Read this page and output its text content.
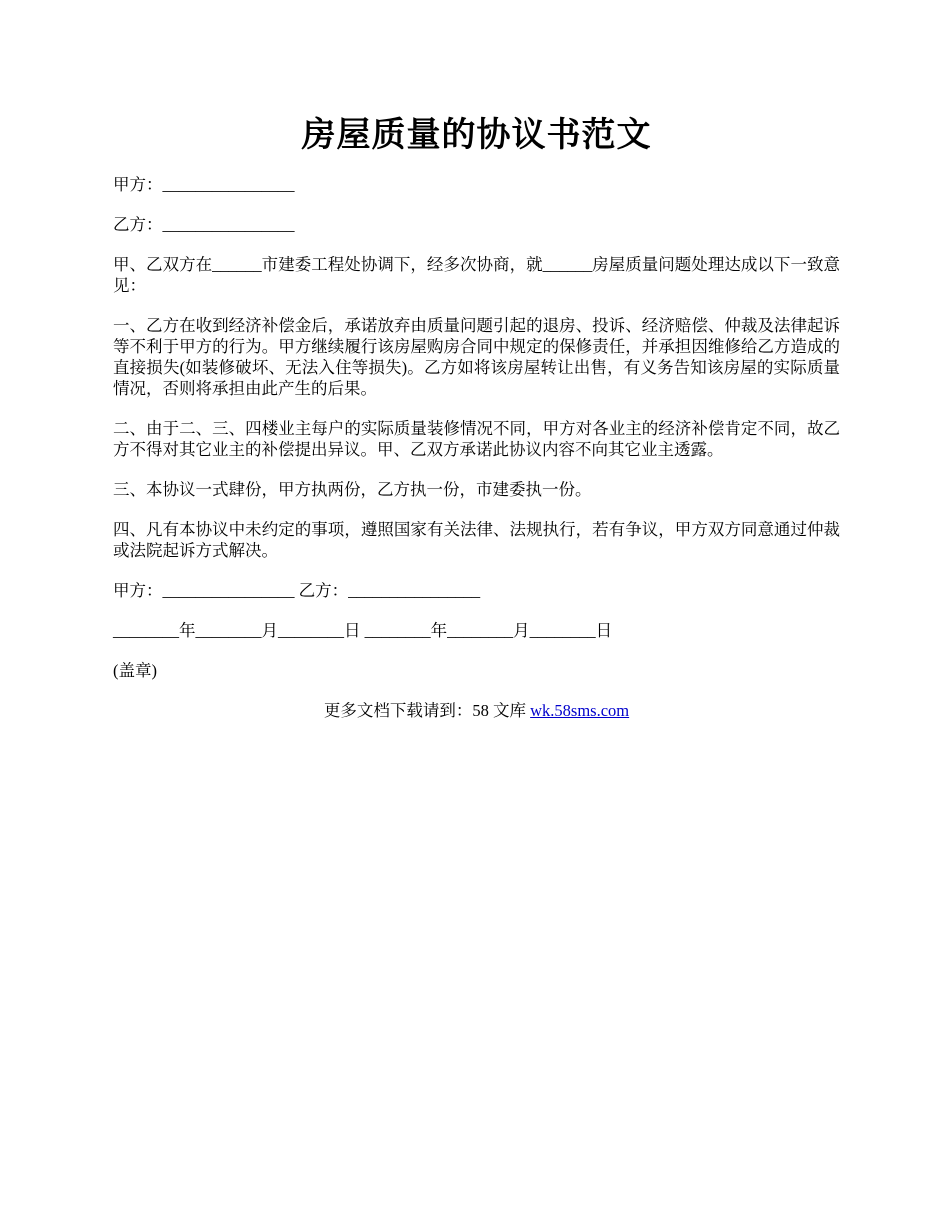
房屋质量的协议书范文

甲方：________________

乙方：________________

甲、乙双方在______市建委工程处协调下，经多次协商，就______房屋质量问题处理达成以下一致意见：

一、乙方在收到经济补偿金后，承诺放弃由质量问题引起的退房、投诉、经济赔偿、仲裁及法律起诉等不利于甲方的行为。甲方继续履行该房屋购房合同中规定的保修责任，并承担因维修给乙方造成的直接损失(如装修破坏、无法入住等损失)。乙方如将该房屋转让出售，有义务告知该房屋的实际质量情况，否则将承担由此产生的后果。

二、由于二、三、四楼业主每户的实际质量装修情况不同，甲方对各业主的经济补偿肯定不同，故乙方不得对其它业主的补偿提出异议。甲、乙双方承诺此协议内容不向其它业主透露。

三、本协议一式肆份，甲方执两份，乙方执一份，市建委执一份。

四、凡有本协议中未约定的事项，遵照国家有关法律、法规执行，若有争议，甲方双方同意通过仲裁或法院起诉方式解决。

甲方：________________ 乙方：________________

________年________月________日 ________年________月________日

(盖章)

更多文档下载请到：58 文库 wk.58sms.com
